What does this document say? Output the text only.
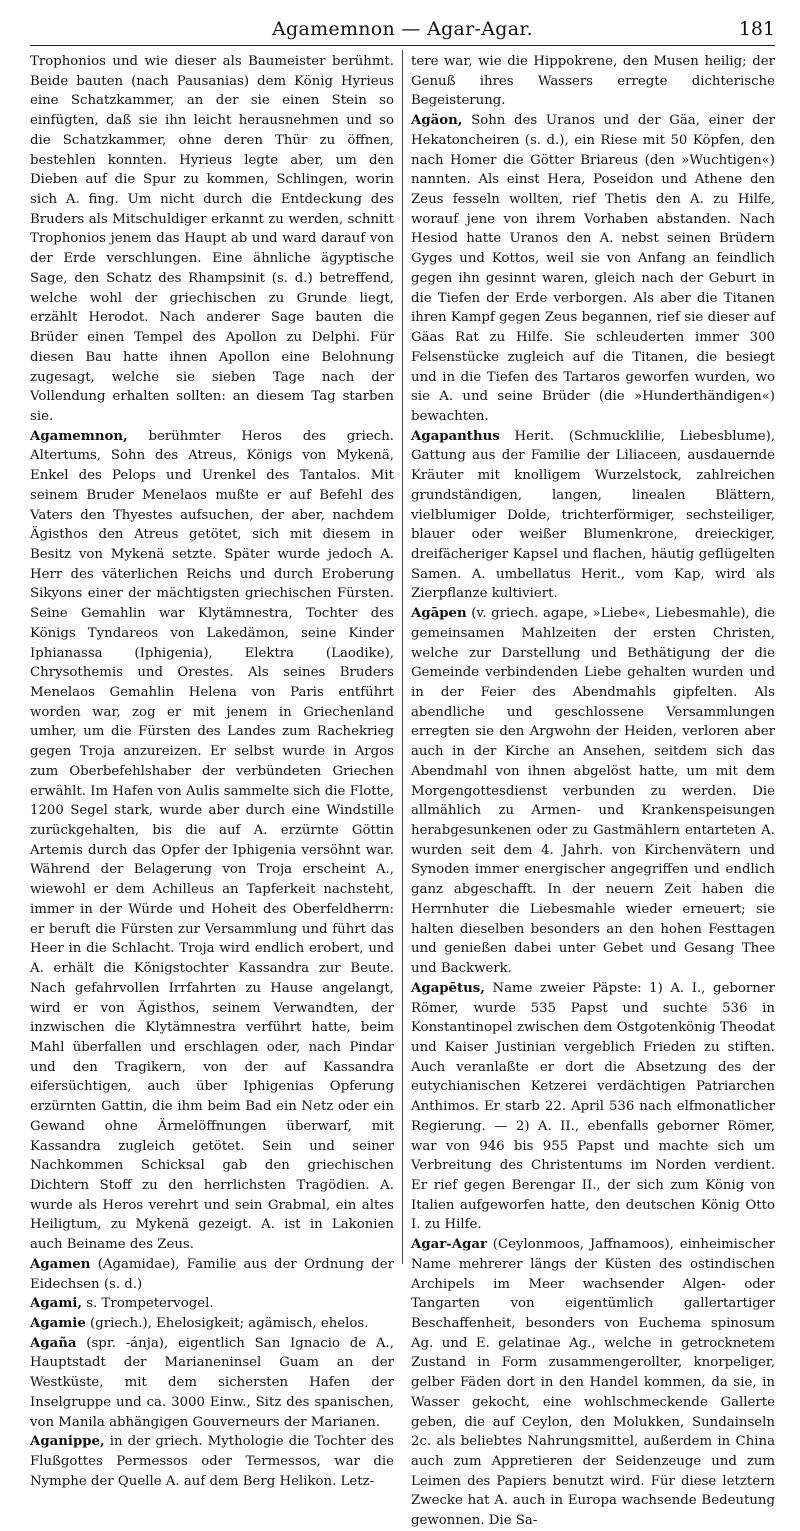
Agamemnon — Agar-Agar.	181

Trophonios und wie dieser als Baumeister berühmt. Beide bauten (nach Pausanias) dem König Hyrieus eine Schatzkammer, an der sie einen Stein so einfügten, daß sie ihn leicht herausnehmen und so die Schatzkammer, ohne deren Thür zu öffnen, bestehlen konnten. Hyrieus legte aber, um den Dieben auf die Spur zu kommen, Schlingen, worin sich A. fing. Um nicht durch die Entdeckung des Bruders als Mitschuldiger erkannt zu werden, schnitt Trophonios jenem das Haupt ab und ward darauf von der Erde verschlungen. Eine ähnliche ägyptische Sage, den Schatz des Rhampsinit (s. d.) betreffend, welche wohl der griechischen zu Grunde liegt, erzählt Herodot. Nach anderer Sage bauten die Brüder einen Tempel des Apollon zu Delphi. Für diesen Bau hatte ihnen Apollon eine Belohnung zugesagt, welche sie sieben Tage nach der Vollendung erhalten sollten: an diesem Tag starben sie.

Agamemnon, berühmter Heros des griech. Altertums, Sohn des Atreus, Königs von Mykenä, Enkel des Pelops und Urenkel des Tantalos. Mit seinem Bruder Menelaos mußte er auf Befehl des Vaters den Thyestes aufsuchen, der aber, nachdem Ägisthos den Atreus getötet, sich mit diesem in Besitz von Mykenä setzte. Später wurde jedoch A. Herr des väterlichen Reichs und durch Eroberung Sikyons einer der mächtigsten griechischen Fürsten. Seine Gemahlin war Klytämnestra, Tochter des Königs Tyndareos von Lakedämon, seine Kinder Iphianassa (Iphigenia), Elektra (Laodike), Chrysothemis und Orestes. Als seines Bruders Menelaos Gemahlin Helena von Paris entführt worden war, zog er mit jenem in Griechenland umher, um die Fürsten des Landes zum Rachekrieg gegen Troja anzureizen. Er selbst wurde in Argos zum Oberbefehlshaber der verbündeten Griechen erwählt. Im Hafen von Aulis sammelte sich die Flotte, 1200 Segel stark, wurde aber durch eine Windstille zurückgehalten, bis die auf A. erzürnte Göttin Artemis durch das Opfer der Iphigenia versöhnt war. Während der Belagerung von Troja erscheint A., wiewohl er dem Achilleus an Tapferkeit nachsteht, immer in der Würde und Hoheit des Oberfeldherrn: er beruft die Fürsten zur Versammlung und führt das Heer in die Schlacht. Troja wird endlich erobert, und A. erhält die Königstochter Kassandra zur Beute. Nach gefahrvollen Irrfahrten zu Hause angelangt, wird er von Ägisthos, seinem Verwandten, der inzwischen die Klytämnestra verführt hatte, beim Mahl überfallen und erschlagen oder, nach Pindar und den Tragikern, von der auf Kassandra eifersüchtigen, auch über Iphigenias Opferung erzürnten Gattin, die ihm beim Bad ein Netz oder ein Gewand ohne Ärmelöffnungen überwarf, mit Kassandra zugleich getötet. Sein und seiner Nachkommen Schicksal gab den griechischen Dichtern Stoff zu den herrlichsten Tragödien. A. wurde als Heros verehrt und sein Grabmal, ein altes Heiligtum, zu Mykenä gezeigt. A. ist in Lakonien auch Beiname des Zeus.

Agamen (Agamidae), Familie aus der Ordnung der Eidechsen (s. d.)

Agami, s. Trompetervogel.

Agamie (griech.), Ehelosigkeit; agämisch, ehelos.

Agaña (spr. -ánja), eigentlich San Ignacio de A., Hauptstadt der Marianeninsel Guam an der Westküste, mit dem sichersten Hafen der Inselgruppe und ca. 3000 Einw., Sitz des spanischen, von Manila abhängigen Gouverneurs der Marianen.

Aganippe, in der griech. Mythologie die Tochter des Flußgottes Permessos oder Termessos, war die Nymphe der Quelle A. auf dem Berg Helikon. Letz-

tere war, wie die Hippokrene, den Musen heilig; der Genuß ihres Wassers erregte dichterische Begeisterung.

Agäon, Sohn des Uranos und der Gäa, einer der Hekatoncheiren (s. d.), ein Riese mit 50 Köpfen, den nach Homer die Götter Briareus (den »Wuchtigen«) nannten. Als einst Hera, Poseidon und Athene den Zeus fesseln wollten, rief Thetis den A. zu Hilfe, worauf jene von ihrem Vorhaben abstanden. Nach Hesiod hatte Uranos den A. nebst seinen Brüdern Gyges und Kottos, weil sie von Anfang an feindlich gegen ihn gesinnt waren, gleich nach der Geburt in die Tiefen der Erde verborgen. Als aber die Titanen ihren Kampf gegen Zeus begannen, rief sie dieser auf Gäas Rat zu Hilfe. Sie schleuderten immer 300 Felsenstücke zugleich auf die Titanen, die besiegt und in die Tiefen des Tartaros geworfen wurden, wo sie A. und seine Brüder (die »Hunderthändigen«) bewachten.

Agapanthus Herit. (Schmucklilie, Liebesblume), Gattung aus der Familie der Liliaceen, ausdauernde Kräuter mit knolligem Wurzelstock, zahlreichen grundständigen, langen, linealen Blättern, vielblumiger Dolde, trichterförmiger, sechsteiliger, blauer oder weißer Blumenkrone, dreieckiger, dreifächeriger Kapsel und flachen, häutig geflügelten Samen. A. umbellatus Herit., vom Kap, wird als Zierpflanze kultiviert.

Agāpen (v. griech. agape, »Liebe«, Liebesmahle), die gemeinsamen Mahlzeiten der ersten Christen, welche zur Darstellung und Bethätigung der die Gemeinde verbindenden Liebe gehalten wurden und in der Feier des Abendmahls gipfelten. Als abendliche und geschlossene Versammlungen erregten sie den Argwohn der Heiden, verloren aber auch in der Kirche an Ansehen, seitdem sich das Abendmahl von ihnen abgelöst hatte, um mit dem Morgengottesdienst verbunden zu werden. Die allmählich zu Armen- und Krankenspeisungen herabgesunkenen oder zu Gastmählern entarteten A. wurden seit dem 4. Jahrh. von Kirchenvätern und Synoden immer energischer angegriffen und endlich ganz abgeschafft. In der neuern Zeit haben die Herrnhuter die Liebesmahle wieder erneuert; sie halten dieselben besonders an den hohen Festtagen und genießen dabei unter Gebet und Gesang Thee und Backwerk.

Agapētus, Name zweier Päpste: 1) A. I., geborner Römer, wurde 535 Papst und suchte 536 in Konstantinopel zwischen dem Ostgotenkönig Theodat und Kaiser Justinian vergeblich Frieden zu stiften. Auch veranlaßte er dort die Absetzung des der eutychianischen Ketzerei verdächtigen Patriarchen Anthimos. Er starb 22. April 536 nach elfmonatlicher Regierung. — 2) A. II., ebenfalls geborner Römer, war von 946 bis 955 Papst und machte sich um Verbreitung des Christentums im Norden verdient. Er rief gegen Berengar II., der sich zum König von Italien aufgeworfen hatte, den deutschen König Otto I. zu Hilfe.

Agar-Agar (Ceylonmoos, Jaffnamoos), einheimischer Name mehrerer längs der Küsten des ostindischen Archipels im Meer wachsender Algen- oder Tangarten von eigentümlich gallertartiger Beschaffenheit, besonders von Euchema spinosum Ag. und E. gelatinae Ag., welche in getrocknetem Zustand in Form zusammengerollter, knorpeliger, gelber Fäden dort in den Handel kommen, da sie, in Wasser gekocht, eine wohlschmeckende Gallerte geben, die auf Ceylon, den Molukken, Sundainseln 2c. als beliebtes Nahrungsmittel, außerdem in China auch zum Appretieren der Seidenzeuge und zum Leimen des Papiers benutzt wird. Für diese letztern Zwecke hat A. auch in Europa wachsende Bedeutung gewonnen. Die Sa-
